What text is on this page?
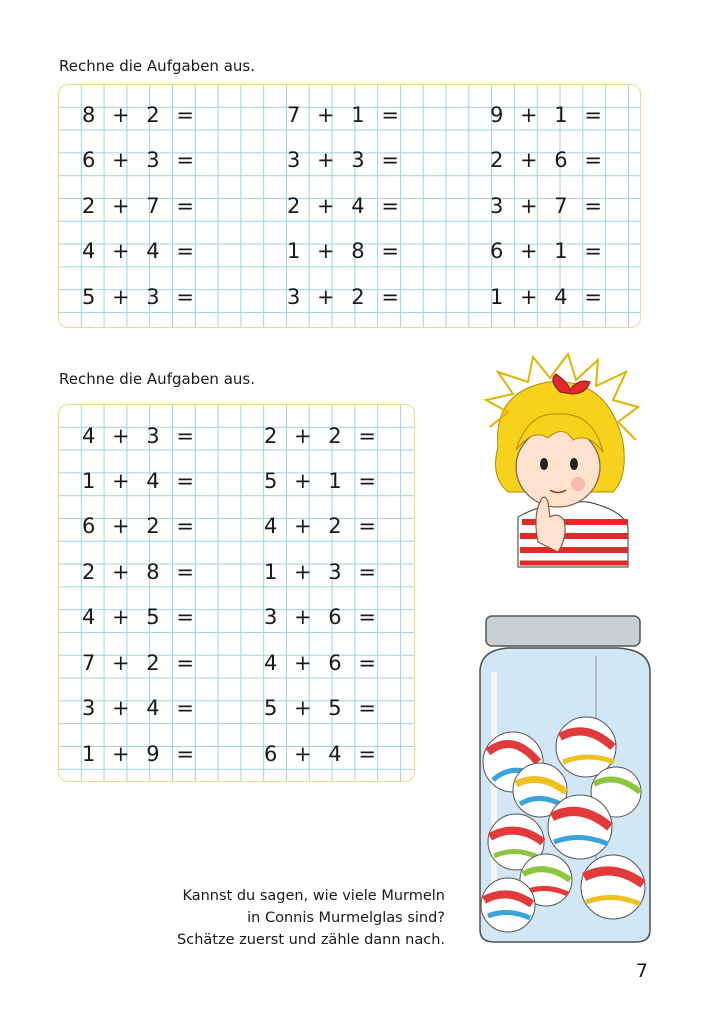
Rechne die Aufgaben aus.
8 + 2 =
6 + 3 =
2 + 7 =
4 + 4 =
5 + 3 =
7 + 1 =
3 + 3 =
2 + 4 =
1 + 8 =
3 + 2 =
9 + 1 =
2 + 6 =
3 + 7 =
6 + 1 =
1 + 4 =
Rechne die Aufgaben aus.
4 + 3 =
1 + 4 =
6 + 2 =
2 + 8 =
4 + 5 =
7 + 2 =
3 + 4 =
1 + 9 =
2 + 2 =
5 + 1 =
4 + 2 =
1 + 3 =
3 + 6 =
4 + 6 =
5 + 5 =
6 + 4 =
Kannst du sagen, wie viele Murmeln
in Connis Murmelglas sind?
Schätze zuerst und zähle dann nach.
7
